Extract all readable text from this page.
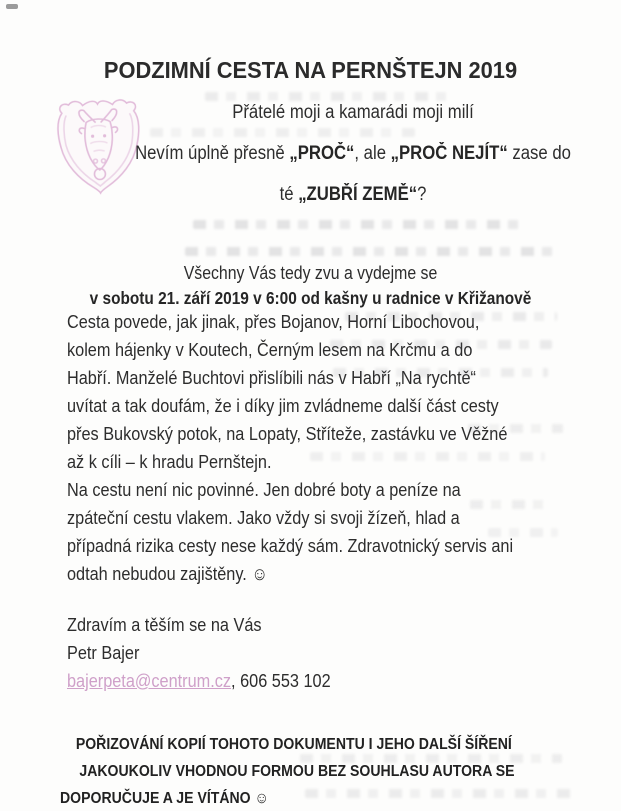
PODZIMNÍ CESTA NA PERNŠTEJN 2019
Přátelé moji a kamarádi moji milí
Nevím úplně přesně „PROČ“, ale „PROČ NEJÍT“ zase do
té „ZUBŘÍ ZEMĚ“?
Všechny Vás tedy zvu a vydejme se
v sobotu 21. září 2019 v 6:00 od kašny u radnice v Křižanově
Cesta povede, jak jinak, přes Bojanov, Horní Libochovou,
kolem hájenky v Koutech, Černým lesem na Krčmu a do
Habří. Manželé Buchtovi přislíbili nás v Habří „Na rychtě“
uvítat a tak doufám, že i díky jim zvládneme další část cesty
přes Bukovský potok, na Lopaty, Stříteže, zastávku ve Věžné
až k cíli – k hradu Pernštejn.
Na cestu není nic povinné. Jen dobré boty a peníze na
zpáteční cestu vlakem. Jako vždy si svoji žízeň, hlad a
případná rizika cesty nese každý sám. Zdravotnický servis ani
odtah nebudou zajištěny. ☺
Zdravím a těším se na Vás
Petr Bajer
bajerpeta@centrum.cz, 606 553 102
POŘIZOVÁNÍ KOPIÍ TOHOTO DOKUMENTU I JEHO DALŠÍ ŠÍŘENÍ
JAKOUKOLIV VHODNOU FORMOU BEZ SOUHLASU AUTORA SE
DOPORUČUJE A JE VÍTÁNO ☺
